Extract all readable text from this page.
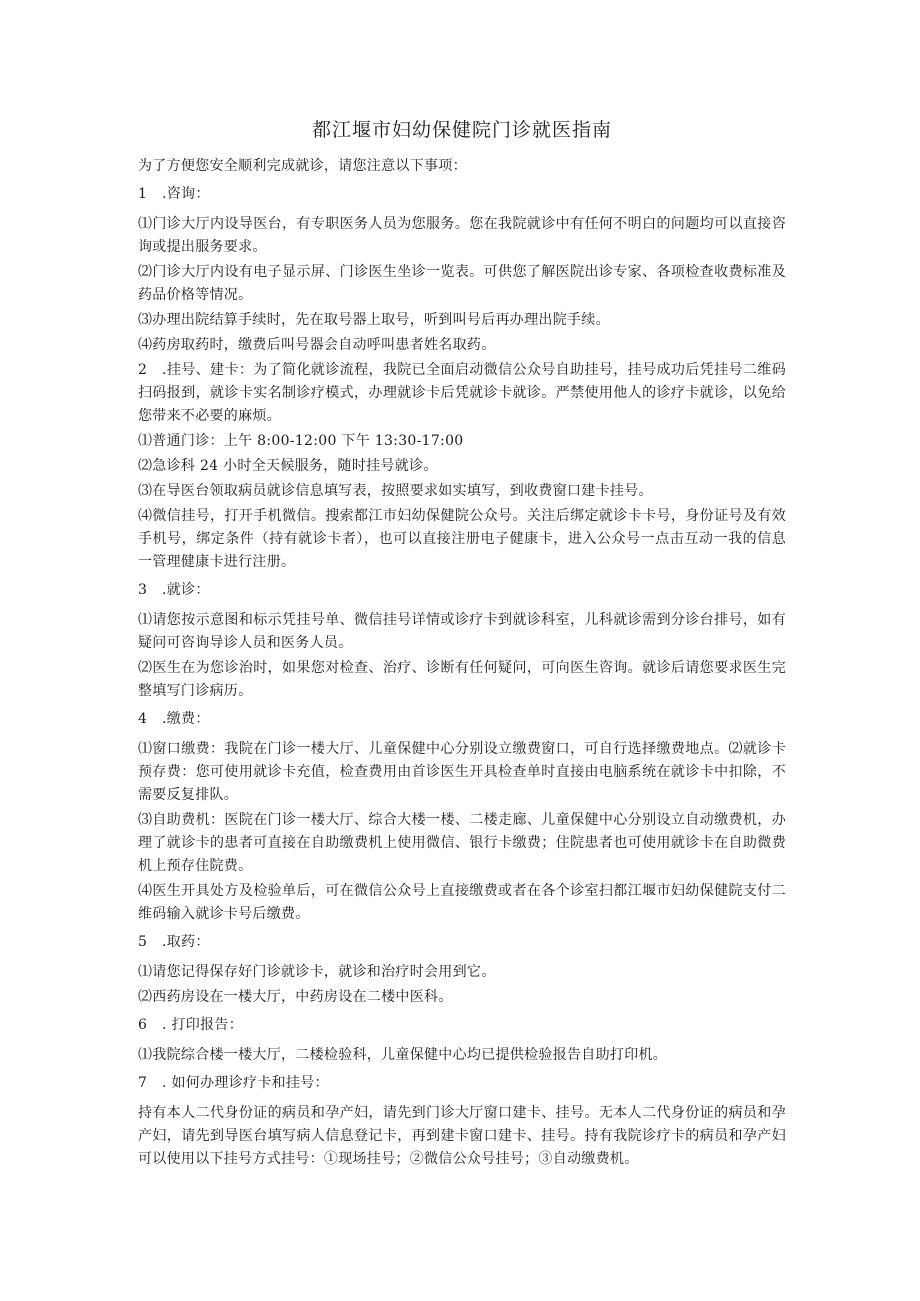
都江堰市妇幼保健院门诊就医指南

为了方便您安全顺利完成就诊，请您注意以下事项：

1 .咨询：

⑴门诊大厅内设导医台，有专职医务人员为您服务。您在我院就诊中有任何不明白的问题均可以直接咨询或提出服务要求。

⑵门诊大厅内设有电子显示屏、门诊医生坐诊一览表。可供您了解医院出诊专家、各项检查收费标准及药品价格等情况。

⑶办理出院结算手续时，先在取号器上取号，听到叫号后再办理出院手续。

⑷药房取药时，缴费后叫号器会自动呼叫患者姓名取药。

2 .挂号、建卡：为了简化就诊流程，我院已全面启动微信公众号自助挂号，挂号成功后凭挂号二维码扫码报到，就诊卡实名制诊疗模式，办理就诊卡后凭就诊卡就诊。严禁使用他人的诊疗卡就诊，以免给您带来不必要的麻烦。

⑴普通门诊：上午 8:00-12:00 下午 13:30-17:00

⑵急诊科 24 小时全天候服务，随时挂号就诊。

⑶在导医台领取病员就诊信息填写表，按照要求如实填写，到收费窗口建卡挂号。

⑷微信挂号，打开手机微信。搜索都江市妇幼保健院公众号。关注后绑定就诊卡卡号，身份证号及有效手机号，绑定条件（持有就诊卡者），也可以直接注册电子健康卡，进入公众号一点击互动一我的信息一管理健康卡进行注册。

3 .就诊：

⑴请您按示意图和标示凭挂号单、微信挂号详情或诊疗卡到就诊科室，儿科就诊需到分诊台排号，如有疑问可咨询导诊人员和医务人员。

⑵医生在为您诊治时，如果您对检查、治疗、诊断有任何疑问，可向医生咨询。就诊后请您要求医生完整填写门诊病历。

4 .缴费：

⑴窗口缴费：我院在门诊一楼大厅、儿童保健中心分别设立缴费窗口，可自行选择缴费地点。⑵就诊卡预存费：您可使用就诊卡充值，检查费用由首诊医生开具检查单时直接由电脑系统在就诊卡中扣除，不需要反复排队。

⑶自助费机：医院在门诊一楼大厅、综合大楼一楼、二楼走廊、儿童保健中心分别设立自动缴费机，办理了就诊卡的患者可直接在自助缴费机上使用微信、银行卡缴费；住院患者也可使用就诊卡在自助微费机上预存住院费。

⑷医生开具处方及检验单后，可在微信公众号上直接缴费或者在各个诊室扫都江堰市妇幼保健院支付二维码输入就诊卡号后缴费。

5 .取药：

⑴请您记得保存好门诊就诊卡，就诊和治疗时会用到它。

⑵西药房设在一楼大厅，中药房设在二楼中医科。

6 . 打印报告：

⑴我院综合楼一楼大厅，二楼检验科，儿童保健中心均已提供检验报告自助打印机。

7 . 如何办理诊疗卡和挂号：

持有本人二代身份证的病员和孕产妇，请先到门诊大厅窗口建卡、挂号。无本人二代身份证的病员和孕产妇，请先到导医台填写病人信息登记卡，再到建卡窗口建卡、挂号。持有我院诊疗卡的病员和孕产妇可以使用以下挂号方式挂号：①现场挂号；②微信公众号挂号；③自动缴费机。
